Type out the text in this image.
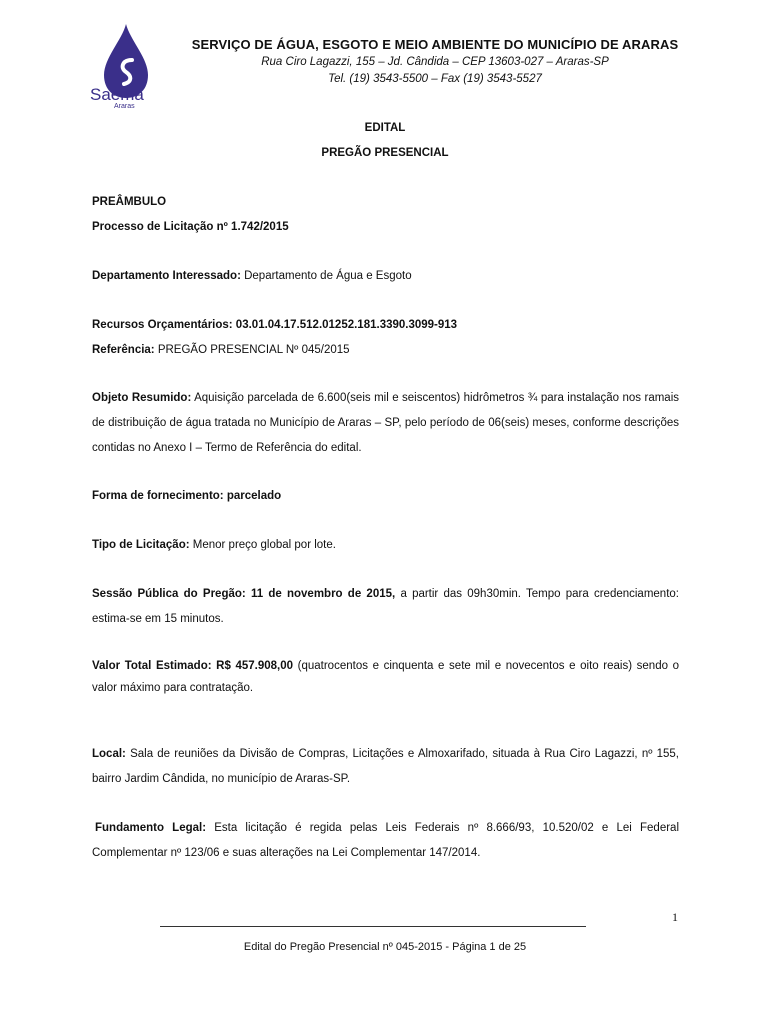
Saema
Araras
SERVIÇO DE ÁGUA, ESGOTO E MEIO AMBIENTE DO MUNICÍPIO DE ARARAS
Rua Ciro Lagazzi, 155 – Jd. Cândida – CEP 13603-027 – Araras-SP
Tel. (19) 3543-5500 – Fax (19) 3543-5527
EDITAL
PREGÃO PRESENCIAL
PREÂMBULO
Processo de Licitação nº 1.742/2015
Departamento Interessado: Departamento de Água e Esgoto
Recursos Orçamentários: 03.01.04.17.512.01252.181.3390.3099-913
Referência: PREGÃO PRESENCIAL Nº 045/2015
Objeto Resumido: Aquisição parcelada de 6.600(seis mil e seiscentos) hidrômetros ¾ para instalação nos ramais de distribuição de água tratada no Município de Araras – SP, pelo período de 06(seis) meses, conforme descrições contidas no Anexo I – Termo de Referência do edital.
Forma de fornecimento: parcelado
Tipo de Licitação: Menor preço global por lote.
Sessão Pública do Pregão: 11 de novembro de 2015, a partir das 09h30min. Tempo para credenciamento: estima-se em 15 minutos.
Valor Total Estimado: R$ 457.908,00 (quatrocentos e cinquenta e sete mil e novecentos e oito reais) sendo o valor máximo para contratação.
Local: Sala de reuniões da Divisão de Compras, Licitações e Almoxarifado, situada à Rua Ciro Lagazzi, nº 155, bairro Jardim Cândida, no município de Araras-SP.
Fundamento Legal: Esta licitação é regida pelas Leis Federais nº 8.666/93, 10.520/02 e Lei Federal Complementar nº 123/06 e suas alterações na Lei Complementar 147/2014.
1
Edital do Pregão Presencial nº 045-2015 - Página 1 de 25
